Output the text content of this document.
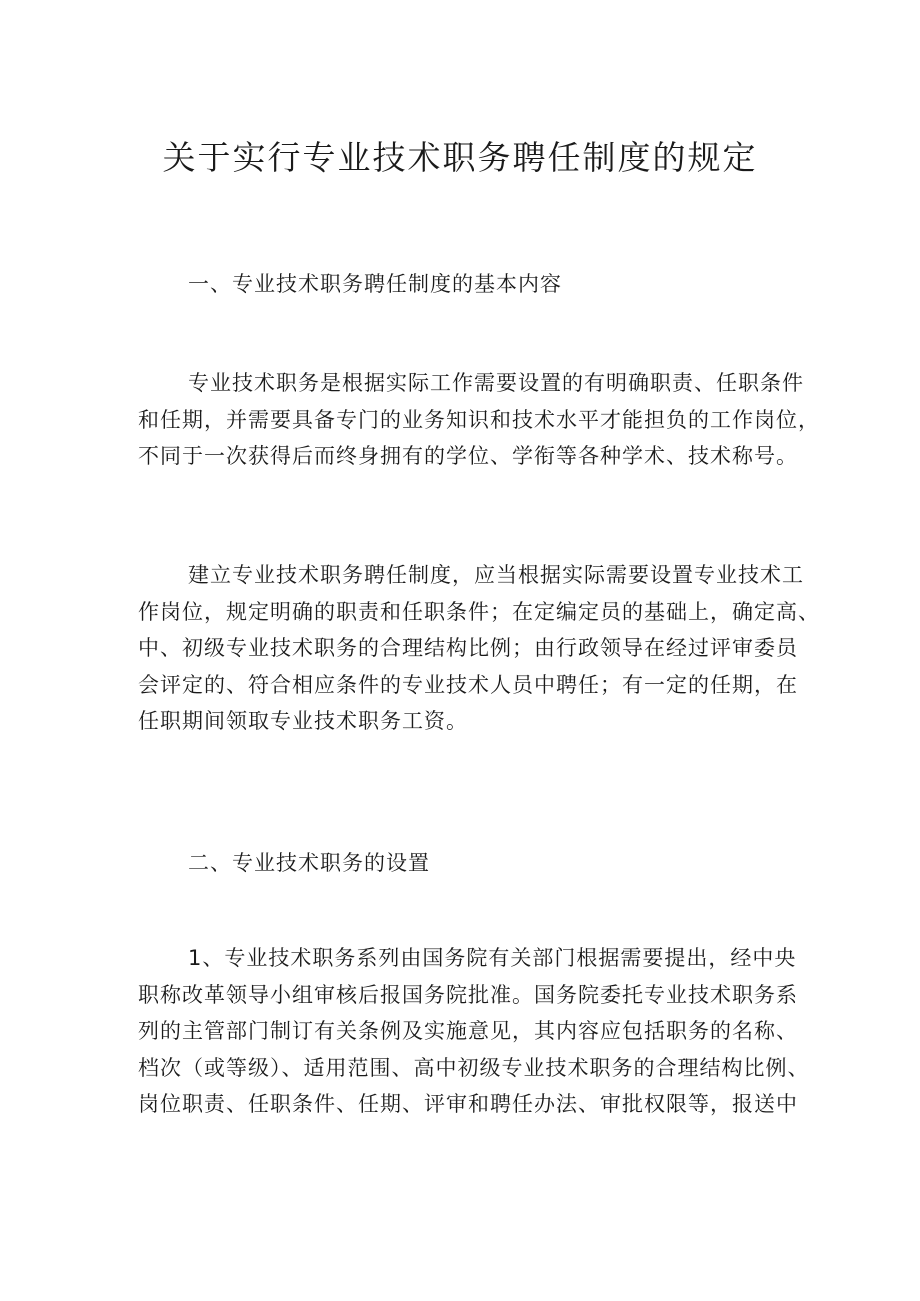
关于实行专业技术职务聘任制度的规定

一、专业技术职务聘任制度的基本内容

专业技术职务是根据实际工作需要设置的有明确职责、任职条件
和任期，并需要具备专门的业务知识和技术水平才能担负的工作岗位，
不同于一次获得后而终身拥有的学位、学衔等各种学术、技术称号。

建立专业技术职务聘任制度，应当根据实际需要设置专业技术工
作岗位，规定明确的职责和任职条件；在定编定员的基础上，确定高、
中、初级专业技术职务的合理结构比例；由行政领导在经过评审委员
会评定的、符合相应条件的专业技术人员中聘任；有一定的任期，在
任职期间领取专业技术职务工资。

二、专业技术职务的设置

1、专业技术职务系列由国务院有关部门根据需要提出，经中央
职称改革领导小组审核后报国务院批准。国务院委托专业技术职务系
列的主管部门制订有关条例及实施意见，其内容应包括职务的名称、
档次（或等级）、适用范围、高中初级专业技术职务的合理结构比例、
岗位职责、任职条件、任期、评审和聘任办法、审批权限等，报送中
